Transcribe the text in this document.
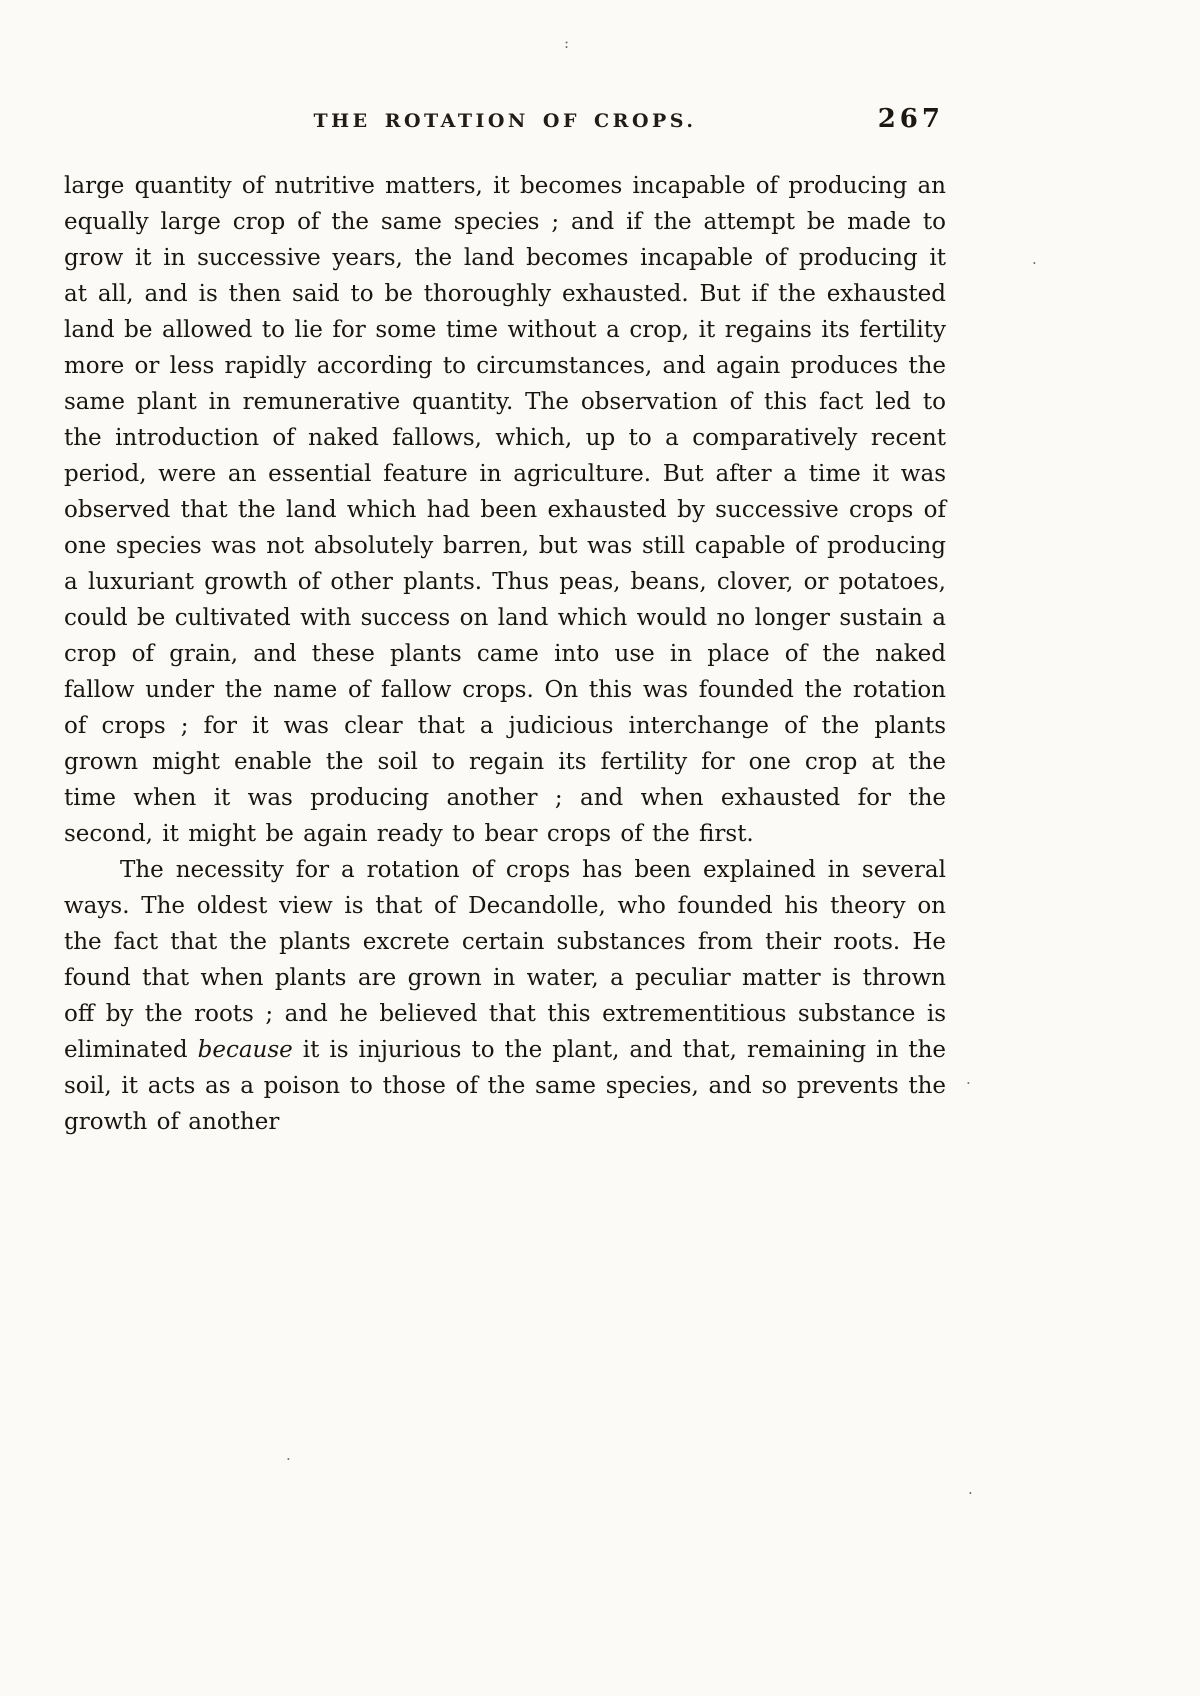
:
.
.
.
.
THE ROTATION OF CROPS.	267

large quantity of nutritive matters, it becomes incapable of producing an equally large crop of the same species ; and if the attempt be made to grow it in successive years, the land becomes incapable of producing it at all, and is then said to be thoroughly exhausted. But if the exhausted land be allowed to lie for some time without a crop, it regains its fertility more or less rapidly according to circumstances, and again produces the same plant in remunerative quantity. The observation of this fact led to the introduction of naked fallows, which, up to a comparatively recent period, were an essential feature in agriculture. But after a time it was observed that the land which had been exhausted by successive crops of one species was not absolutely barren, but was still capable of producing a luxuriant growth of other plants. Thus peas, beans, clover, or potatoes, could be cultivated with success on land which would no longer sustain a crop of grain, and these plants came into use in place of the naked fallow under the name of fallow crops. On this was founded the rotation of crops ; for it was clear that a judicious interchange of the plants grown might enable the soil to regain its fertility for one crop at the time when it was producing another ; and when exhausted for the second, it might be again ready to bear crops of the first.

The necessity for a rotation of crops has been explained in several ways. The oldest view is that of Decandolle, who founded his theory on the fact that the plants excrete certain substances from their roots. He found that when plants are grown in water, a peculiar matter is thrown off by the roots ; and he believed that this extrementitious substance is eliminated because it is injurious to the plant, and that, remaining in the soil, it acts as a poison to those of the same species, and so prevents the growth of another
